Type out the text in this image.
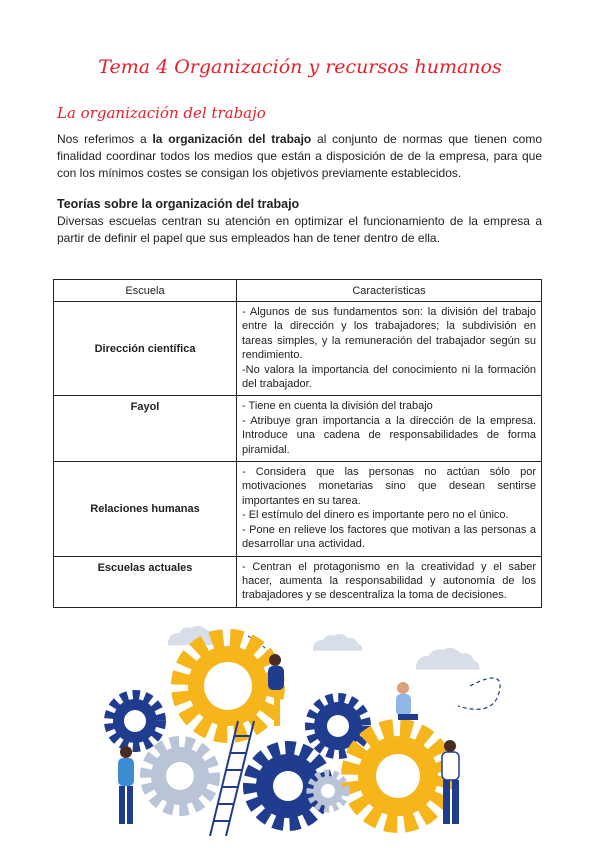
Tema 4 Organización y recursos humanos
La organización del trabajo

Nos referimos a la organización del trabajo al conjunto de normas que tienen como finalidad coordinar todos los medios que están a disposición de de la empresa, para que con los mínimos costes se consigan los objetivos previamente establecidos.

Teorías sobre la organización del trabajo

Diversas escuelas centran su atención en optimizar el funcionamiento de la empresa a partir de definir el papel que sus empleados han de tener dentro de ella.

Escuela	Características
Dirección científica	- Algunos de sus fundamentos son: la división del trabajo entre la dirección y los trabajadores; la subdivisión en tareas simples, y la remuneración del trabajador según su rendimiento.
-No valora la importancia del conocimiento ni la formación del trabajador.

Fayol	- Tiene en cuenta la división del trabajo
- Atribuye gran importancia a la dirección de la empresa. Introduce una cadena de responsabilidades de forma piramidal.

Relaciones humanas	- Considera que las personas no actúan sólo por motivaciones monetarias sino que desean sentirse importantes en su tarea.
- El estímulo del dinero es importante pero no el único.
- Pone en relieve los factores que motivan a las personas a desarrollar una actividad.

Escuelas actuales	- Centran el protagonismo en la creatividad y el saber hacer, aumenta la responsabilidad y autonomía de los trabajadores y se descentraliza la toma de decisiones.
